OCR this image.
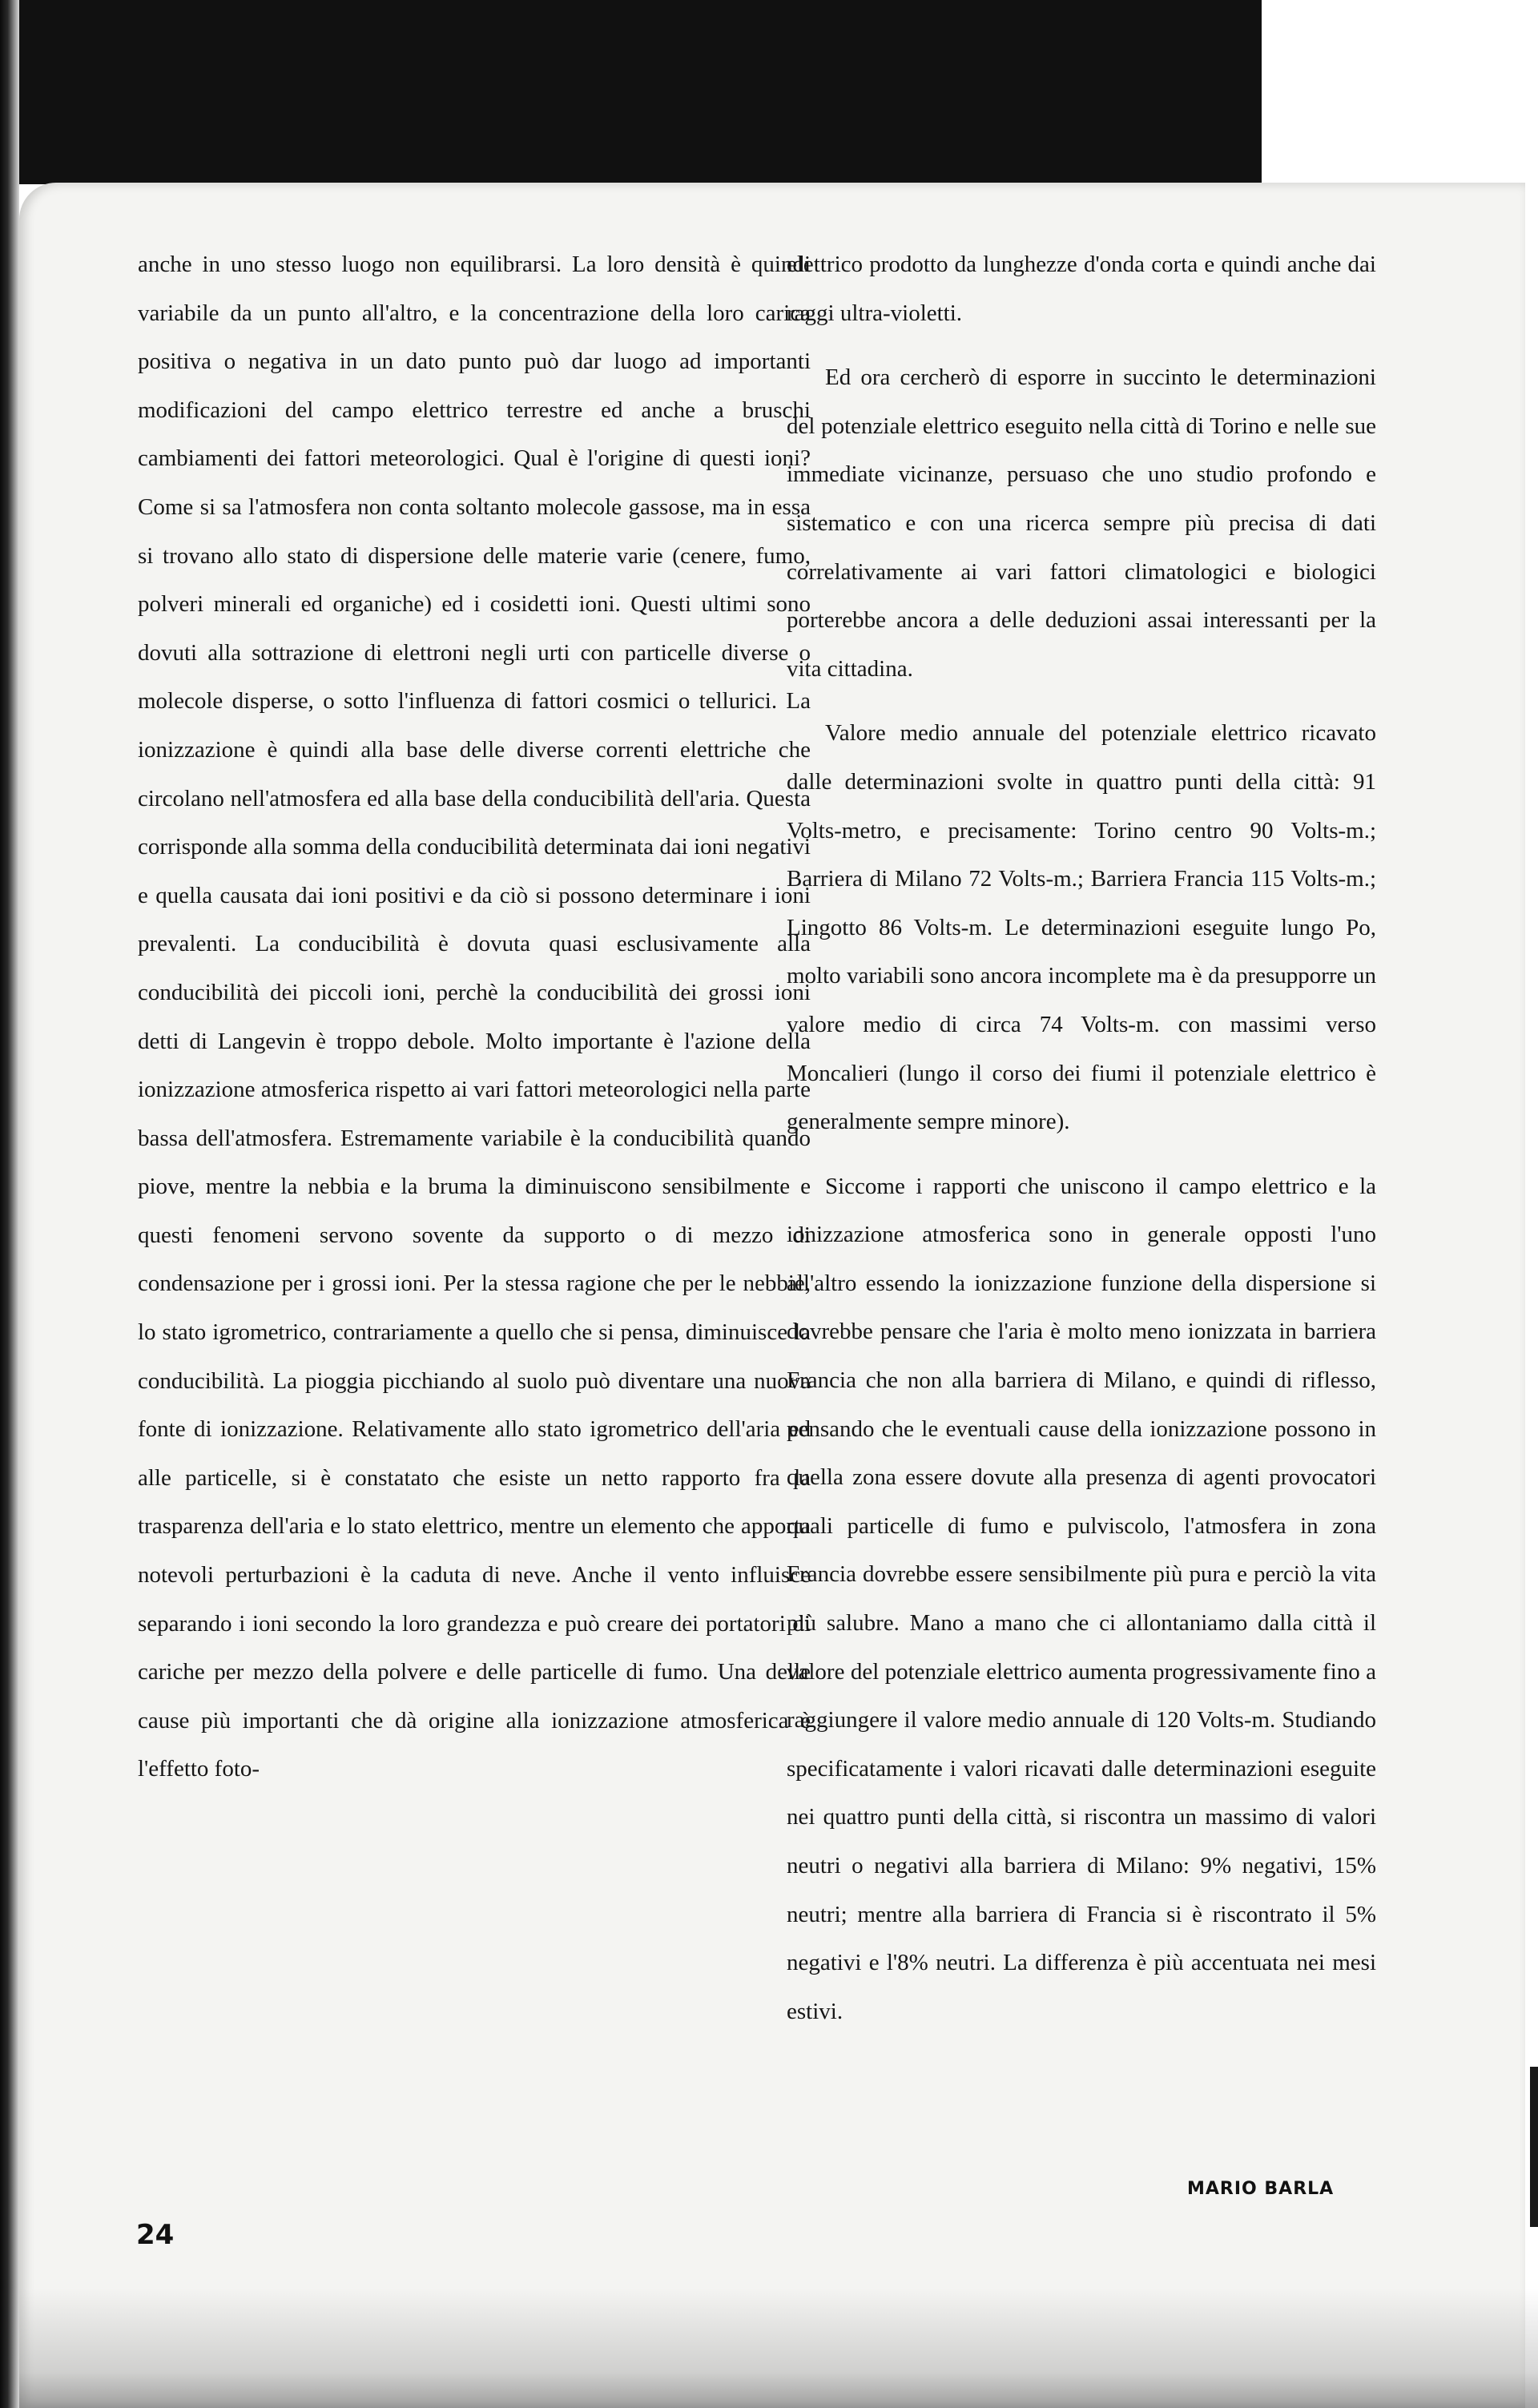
anche in uno stesso luogo non equilibrarsi. La loro densità è quindi variabile da un punto all'altro, e la concentrazione della loro carica positiva o negativa in un dato punto può dar luogo ad importanti modificazioni del campo elettrico terrestre ed anche a bruschi cambiamenti dei fattori meteorologici. Qual è l'origine di questi ioni? Come si sa l'atmosfera non conta soltanto molecole gassose, ma in essa si trovano allo stato di dispersione delle materie varie (cenere, fumo, polveri minerali ed organiche) ed i cosidetti ioni. Questi ultimi sono dovuti alla sottrazione di elettroni negli urti con particelle diverse o molecole disperse, o sotto l'influenza di fattori cosmici o tellurici. La ionizzazione è quindi alla base delle diverse correnti elettriche che circolano nell'atmosfera ed alla base della conducibilità dell'aria. Questa corrisponde alla somma della conducibilità determinata dai ioni negativi e quella causata dai ioni positivi e da ciò si possono determinare i ioni prevalenti. La conducibilità è dovuta quasi esclusivamente alla conducibilità dei piccoli ioni, perchè la conducibilità dei grossi ioni detti di Langevin è troppo debole. Molto importante è l'azione della ionizzazione atmosferica rispetto ai vari fattori meteorologici nella parte bassa dell'atmosfera. Estremamente variabile è la conducibilità quando piove, mentre la nebbia e la bruma la diminuiscono sensibilmente e questi fenomeni servono sovente da supporto o di mezzo di condensazione per i grossi ioni. Per la stessa ragione che per le nebbie, lo stato igrometrico, contrariamente a quello che si pensa, diminuisce la conducibilità. La pioggia picchiando al suolo può diventare una nuova fonte di ionizzazione. Relativamente allo stato igrometrico dell'aria ed alle particelle, si è constatato che esiste un netto rapporto fra la trasparenza dell'aria e lo stato elettrico, mentre un elemento che apporta notevoli perturbazioni è la caduta di neve. Anche il vento influisce separando i ioni secondo la loro grandezza e può creare dei portatori di cariche per mezzo della polvere e delle particelle di fumo. Una delle cause più importanti che dà origine alla ionizzazione atmosferica è l'effetto foto-

elettrico prodotto da lunghezze d'onda corta e quindi anche dai raggi ultra-violetti.

Ed ora cercherò di esporre in succinto le determinazioni del potenziale elettrico eseguito nella città di Torino e nelle sue immediate vicinanze, persuaso che uno studio profondo e sistematico e con una ricerca sempre più precisa di dati correlativamente ai vari fattori climatologici e biologici porterebbe ancora a delle deduzioni assai interessanti per la vita cittadina.

Valore medio annuale del potenziale elettrico ricavato dalle determinazioni svolte in quattro punti della città: 91 Volts-metro, e precisamente: Torino centro 90 Volts-m.; Barriera di Milano 72 Volts-m.; Barriera Francia 115 Volts-m.; Lingotto 86 Volts-m. Le determinazioni eseguite lungo Po, molto variabili sono ancora incomplete ma è da presupporre un valore medio di circa 74 Volts-m. con massimi verso Moncalieri (lungo il corso dei fiumi il potenziale elettrico è generalmente sempre minore).

Siccome i rapporti che uniscono il campo elettrico e la ionizzazione atmosferica sono in generale opposti l'uno all'altro essendo la ionizzazione funzione della dispersione si dovrebbe pensare che l'aria è molto meno ionizzata in barriera Francia che non alla barriera di Milano, e quindi di riflesso, pensando che le eventuali cause della ionizzazione possono in quella zona essere dovute alla presenza di agenti provocatori quali particelle di fumo e pulviscolo, l'atmosfera in zona Francia dovrebbe essere sensibilmente più pura e perciò la vita più salubre. Mano a mano che ci allontaniamo dalla città il valore del potenziale elettrico aumenta progressivamente fino a raggiungere il valore medio annuale di 120 Volts-m. Studiando specificatamente i valori ricavati dalle determinazioni eseguite nei quattro punti della città, si riscontra un massimo di valori neutri o negativi alla barriera di Milano: 9% negativi, 15% neutri; mentre alla barriera di Francia si è riscontrato il 5% negativi e l'8% neutri. La differenza è più accentuata nei mesi estivi.

MARIO BARLA
24
